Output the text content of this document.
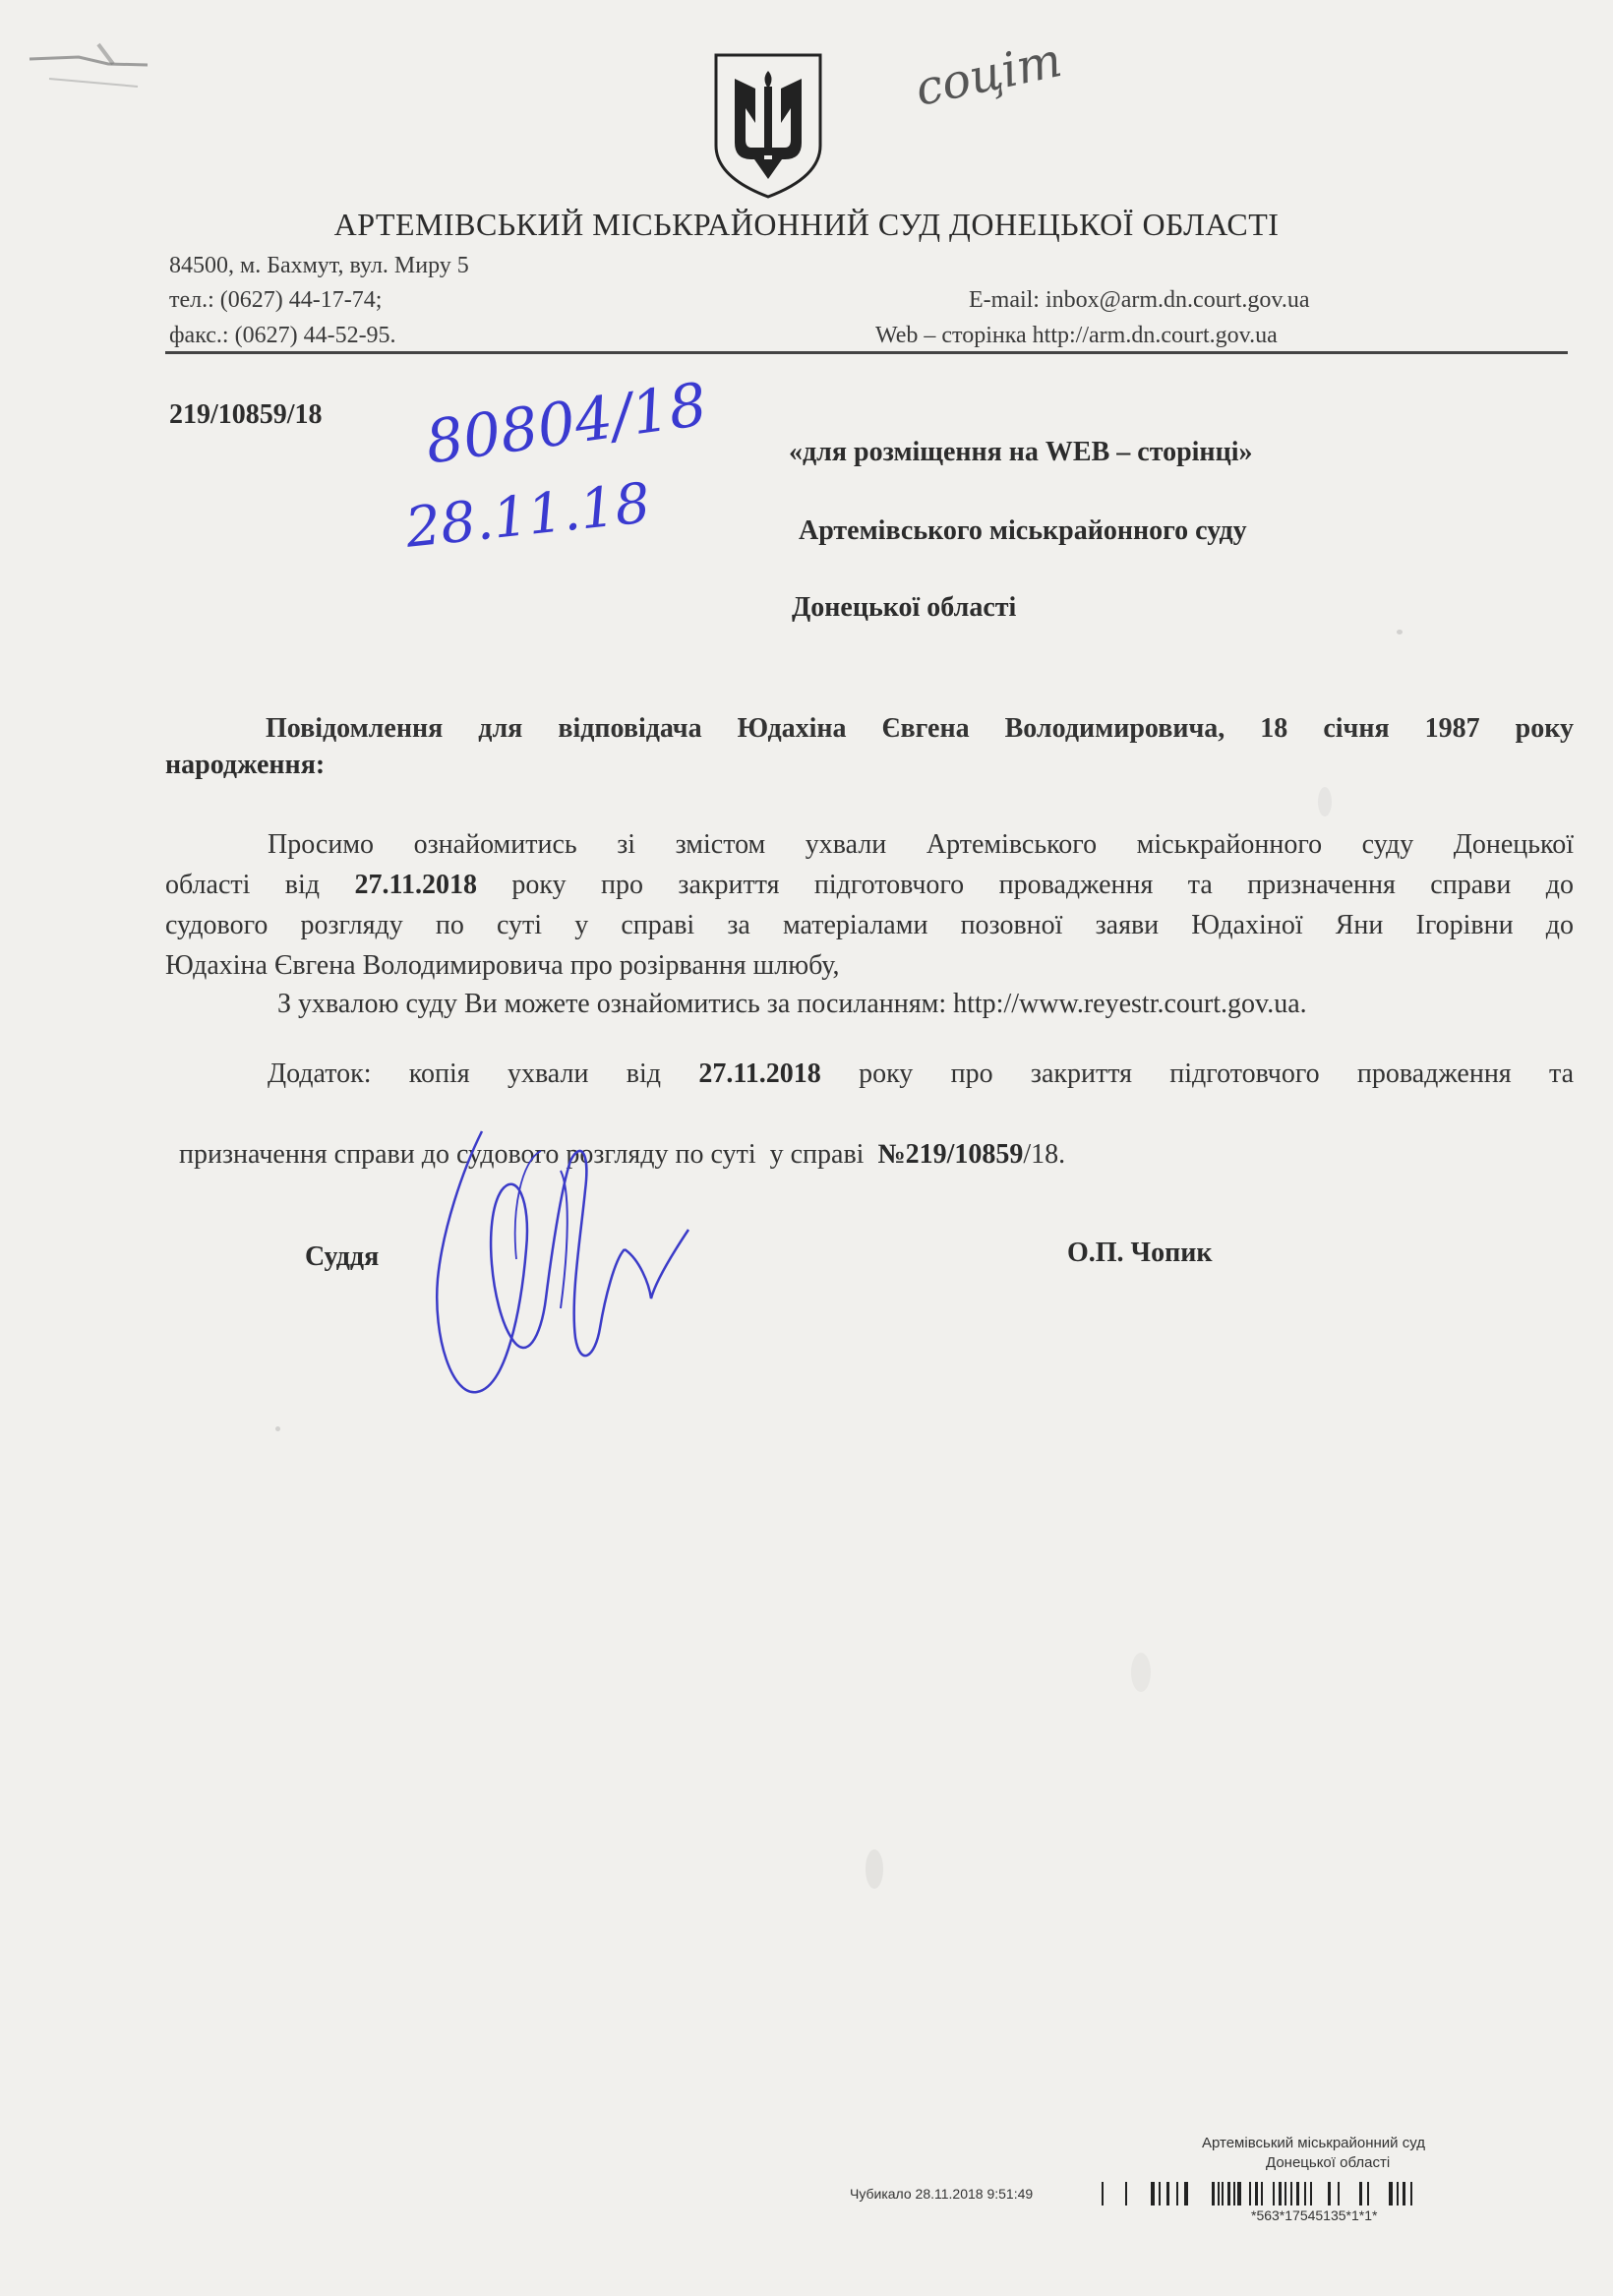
соціт
АРТЕМІВСЬКИЙ МІСЬКРАЙОННИЙ СУД ДОНЕЦЬКОЇ ОБЛАСТІ
84500, м. Бахмут, вул. Миру 5
тел.: (0627) 44-17-74;
факс.: (0627) 44-52-95.
E-mail: inbox@arm.dn.court.gov.ua
Web – сторінка http://arm.dn.court.gov.ua
219/10859/18 80804/18
28.11.18
«для розміщення на WEB – сторінці»
Артемівського міськрайонного суду
Донецької області
Повідомлення для відповідача Юдахіна Євгена Володимировича, 18 січня 1987 року
народження:
Просимо ознайомитись зі змістом ухвали Артемівського міськрайонного суду Донецької
області від 27.11.2018 року про закриття підготовчого провадження та призначення справи до
судового розгляду по суті у справі за матеріалами позовної заяви Юдахіної Яни Ігорівни до
Юдахіна Євгена Володимировича про розірвання шлюбу,
З ухвалою суду Ви можете ознайомитись за посиланням: http://www.reyestr.court.gov.ua.
Додаток: копія ухвали від 27.11.2018 року про закриття підготовчого провадження та

призначення справи до судового розгляду по суті  у справі  №219/10859/18.

Суддя	О.П. Чопик
Артемівський міськрайонний суд
Донецької області
Чубикало 28.11.2018 9:51:49
*563*17545135*1*1*
